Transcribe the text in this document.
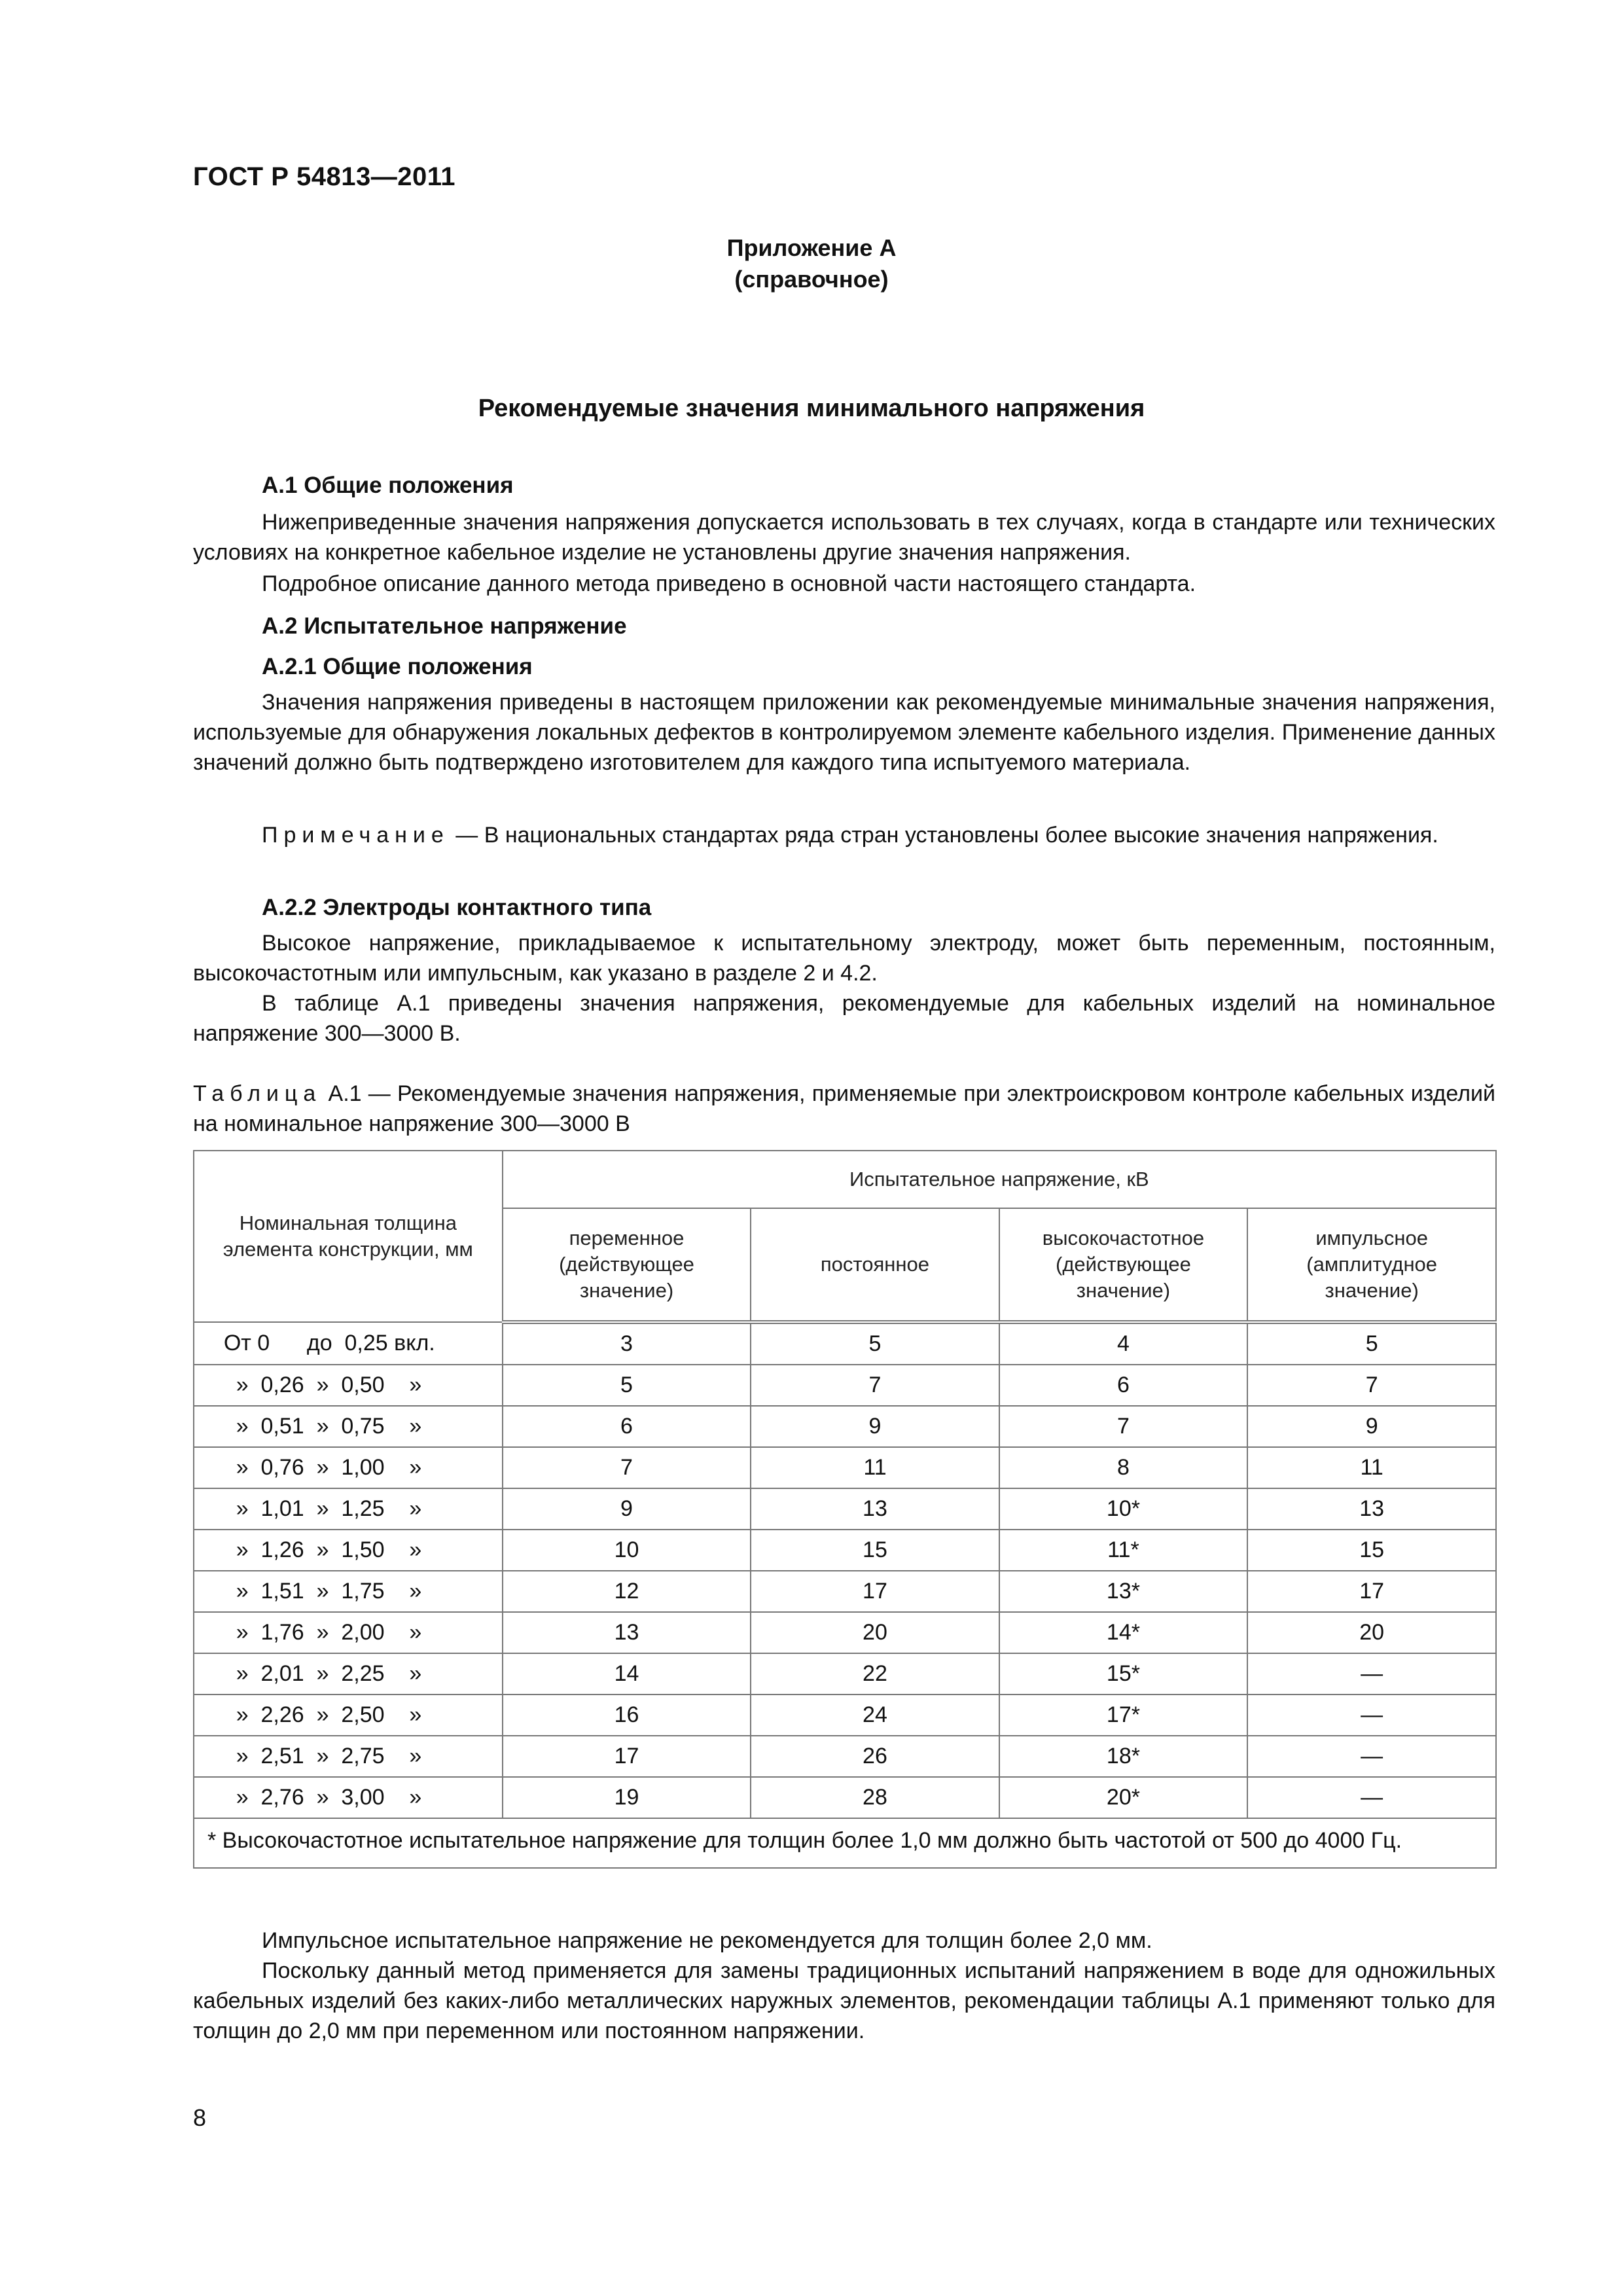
ГОСТ Р 54813—2011
Приложение А
(справочное)
Рекомендуемые значения минимального напряжения
А.1 Общие положения
Нижеприведенные значения напряжения допускается использовать в тех случаях, когда в стандарте или технических условиях на конкретное кабельное изделие не установлены другие значения напряжения.
Подробное описание данного метода приведено в основной части настоящего стандарта.
А.2 Испытательное напряжение
А.2.1 Общие положения
Значения напряжения приведены в настоящем приложении как рекомендуемые минимальные значения напряжения, используемые для обнаружения локальных дефектов в контролируемом элементе кабельного изделия. Применение данных значений должно быть подтверждено изготовителем для каждого типа испытуемого материала.
Примечание — В национальных стандартах ряда стран установлены более высокие значения напряжения.
А.2.2 Электроды контактного типа
Высокое напряжение, прикладываемое к испытательному электроду, может быть переменным, постоянным, высокочастотным или импульсным, как указано в разделе 2 и 4.2.
В таблице А.1 приведены значения напряжения, рекомендуемые для кабельных изделий на номинальное напряжение 300—3000 В.
Таблица А.1 — Рекомендуемые значения напряжения, применяемые при электроискровом контроле кабельных изделий на номинальное напряжение 300—3000 В
Номинальная толщина элемента конструкции, мм	Испытательное напряжение, кВ			
	переменное (действующее значение)	постоянное	высокочастотное (действующее значение)	импульсное (амплитудное значение)
От 0      до  0,25 вкл.	3	5	4	5
»  0,26  »  0,50    »	5	7	6	7
»  0,51  »  0,75    »	6	9	7	9
»  0,76  »  1,00    »	7	11	8	11
»  1,01  »  1,25    »	9	13	10*	13
»  1,26  »  1,50    »	10	15	11*	15
»  1,51  »  1,75    »	12	17	13*	17
»  1,76  »  2,00    »	13	20	14*	20
»  2,01  »  2,25    »	14	22	15*	—
»  2,26  »  2,50    »	16	24	17*	—
»  2,51  »  2,75    »	17	26	18*	—
»  2,76  »  3,00    »	19	28	20*	—
* Высокочастотное испытательное напряжение для толщин более 1,0 мм должно быть частотой от 500 до 4000 Гц.				
Импульсное испытательное напряжение не рекомендуется для толщин более 2,0 мм.
Поскольку данный метод применяется для замены традиционных испытаний напряжением в воде для одножильных кабельных изделий без каких-либо металлических наружных элементов, рекомендации таблицы А.1 применяют только для толщин до 2,0 мм при переменном или постоянном напряжении.
8
